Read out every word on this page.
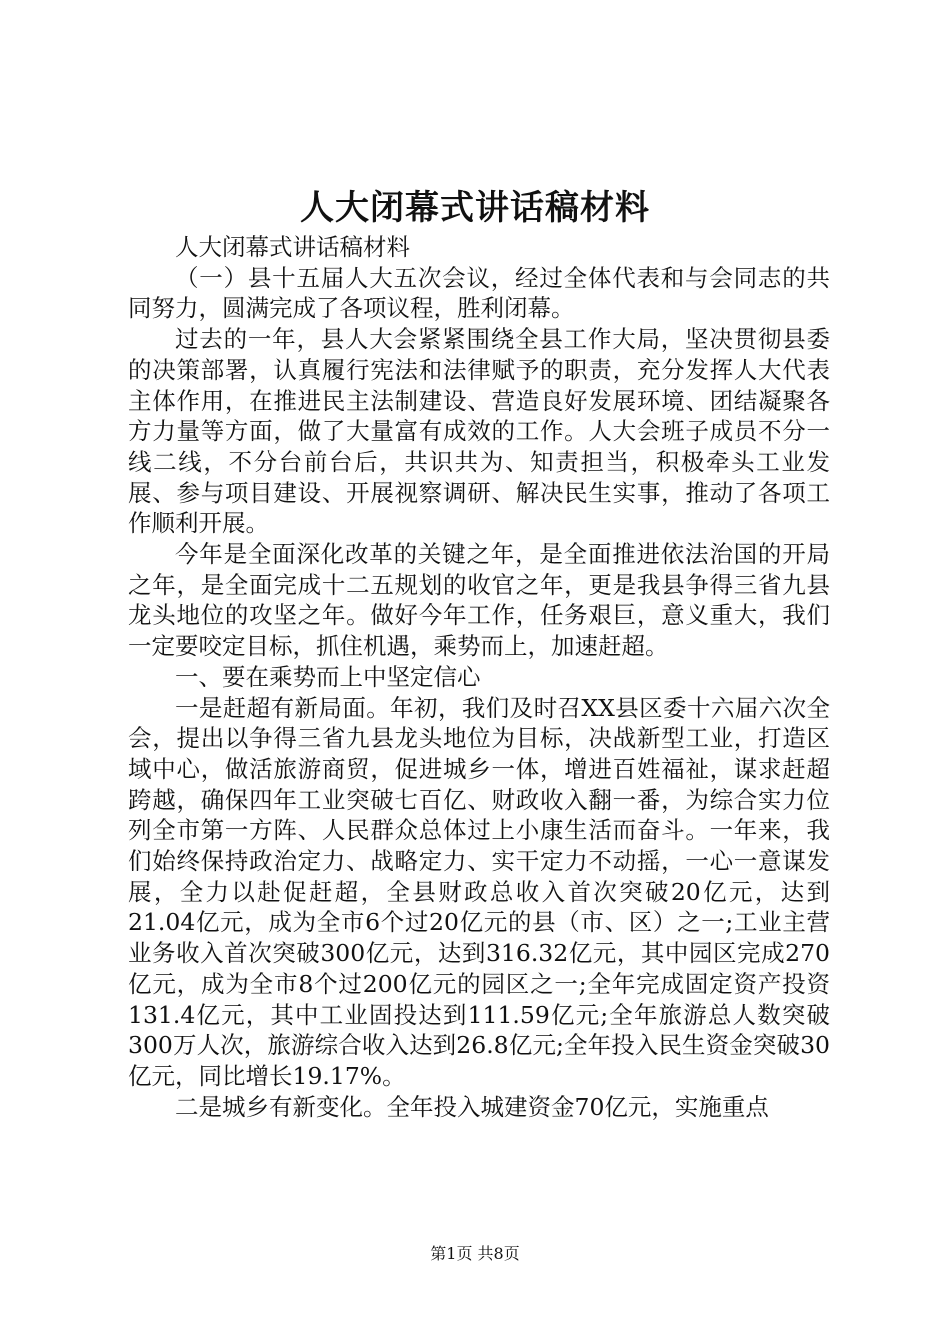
人大闭幕式讲话稿材料

人大闭幕式讲话稿材料

（一）县十五届人大五次会议，经过全体代表和与会同志的共同努力，圆满完成了各项议程，胜利闭幕。

过去的一年，县人大会紧紧围绕全县工作大局，坚决贯彻县委的决策部署，认真履行宪法和法律赋予的职责，充分发挥人大代表主体作用，在推进民主法制建设、营造良好发展环境、团结凝聚各方力量等方面，做了大量富有成效的工作。人大会班子成员不分一线二线，不分台前台后，共识共为、知责担当，积极牵头工业发展、参与项目建设、开展视察调研、解决民生实事，推动了各项工作顺利开展。

今年是全面深化改革的关键之年，是全面推进依法治国的开局之年，是全面完成十二五规划的收官之年，更是我县争得三省九县龙头地位的攻坚之年。做好今年工作，任务艰巨，意义重大，我们一定要咬定目标，抓住机遇，乘势而上，加速赶超。

一、要在乘势而上中坚定信心

一是赶超有新局面。年初，我们及时召XX县区委十六届六次全会，提出以争得三省九县龙头地位为目标，决战新型工业，打造区域中心，做活旅游商贸，促进城乡一体，增进百姓福祉，谋求赶超跨越，确保四年工业突破七百亿、财政收入翻一番，为综合实力位列全市第一方阵、人民群众总体过上小康生活而奋斗。一年来，我们始终保持政治定力、战略定力、实干定力不动摇，一心一意谋发展，全力以赴促赶超，全县财政总收入首次突破20亿元，达到21.04亿元，成为全市6个过20亿元的县（市、区）之一;工业主营业务收入首次突破300亿元，达到316.32亿元，其中园区完成270亿元，成为全市8个过200亿元的园区之一;全年完成固定资产投资131.4亿元，其中工业固投达到111.59亿元;全年旅游总人数突破300万人次，旅游综合收入达到26.8亿元;全年投入民生资金突破30亿元，同比增长19.17%。

二是城乡有新变化。全年投入城建资金70亿元，实施重点

第1页 共8页
